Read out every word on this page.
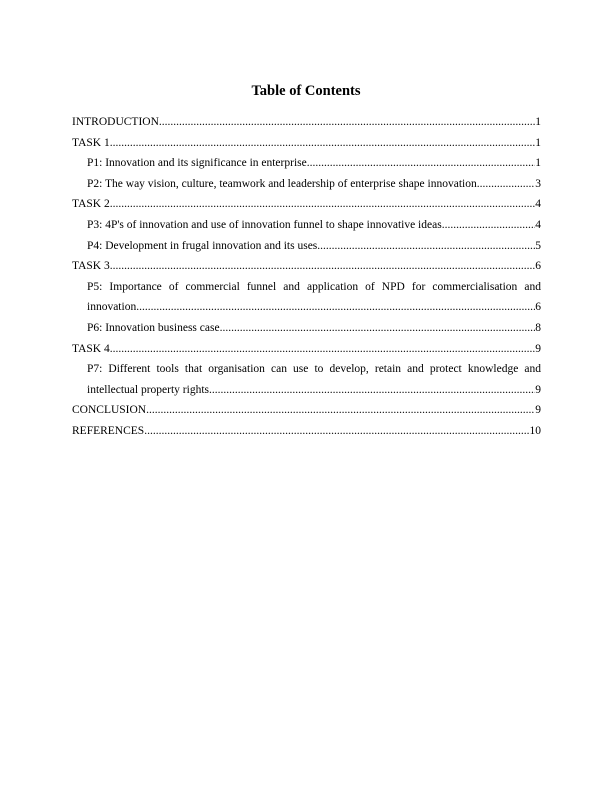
Table of Contents
INTRODUCTION .....	1
TASK 1 .....	1
P1: Innovation and its significance in enterprise .....	1
P2: The way vision, culture, teamwork and leadership of enterprise shape innovation .....	3
TASK 2 .....	4
P3: 4P's of innovation and use of innovation funnel to shape innovative ideas .....	4
P4: Development in frugal innovation and its uses .....	5
TASK 3 .....	6
P5: Importance of commercial funnel and application of NPD for commercialisation and
innovation .....	6
P6: Innovation business case .....	8
TASK 4 .....	9
P7: Different tools that organisation can use to develop, retain and protect knowledge and
intellectual property rights .....	9
CONCLUSION .....	9
REFERENCES .....	10
